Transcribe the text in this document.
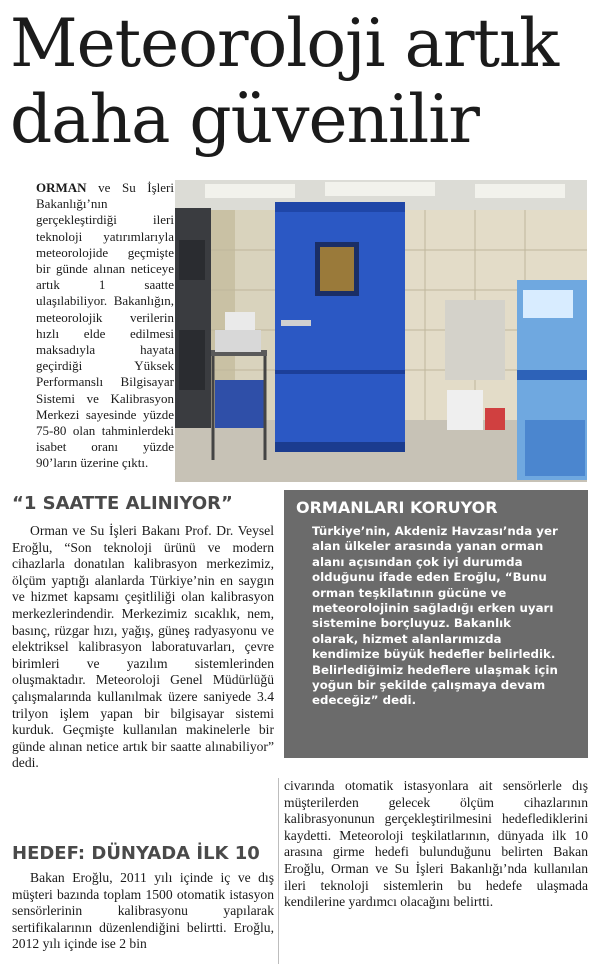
Meteoroloji artık daha güvenilir
ORMAN ve Su İşleri Bakanlığı’nın gerçekleştirdiği ileri teknoloji yatırımlarıyla meteorolojide geçmişte bir günde alınan neticeye artık 1 saatte ulaşılabiliyor. Bakanlığın, meteorolojik verilerin hızlı elde edilmesi maksadıyla hayata geçirdiği Yüksek Performanslı Bilgisayar Sistemi ve Kalibrasyon Merkezi sayesinde yüzde 75-80 olan tahminlerdeki isabet oranı yüzde 90’ların üzerine çıktı.
“1 SAATTE ALINIYOR”
Orman ve Su İşleri Bakanı Prof. Dr. Veysel Eroğlu, “Son teknoloji ürünü ve modern cihazlarla donatılan kalibrasyon merkezimiz, ölçüm yaptığı alanlarda Türkiye’nin en saygın ve hizmet kapsamı çeşitliliği olan kalibrasyon merkezlerindendir. Merkezimiz sıcaklık, nem, basınç, rüzgar hızı, yağış, güneş radyasyonu ve elektriksel kalibrasyon laboratuvarları, çevre birimleri ve yazılım sistemlerinden oluşmaktadır. Meteoroloji Genel Müdürlüğü çalışmalarında kullanılmak üzere saniyede 3.4 trilyon işlem yapan bir bilgisayar sistemi kurduk. Geçmişte kullanılan makinelerle bir günde alınan netice artık bir saatte alınabiliyor” dedi.
HEDEF: DÜNYADA İLK 10
Bakan Eroğlu, 2011 yılı içinde iç ve dış müşteri bazında toplam 1500 otomatik istasyon sensörlerinin kalibrasyonu yapılarak sertifikalarının düzenlendiğini belirtti. Eroğlu, 2012 yılı içinde ise 2 bin
ORMANLARI KORUYOR
Türkiye’nin, Akdeniz Havzası’nda yer alan ülkeler arasında yanan orman alanı açısından çok iyi durumda olduğunu ifade eden Eroğlu, “Bunu orman teşkilatının gücüne ve meteorolojinin sağladığı erken uyarı sistemine borçluyuz. Bakanlık olarak, hizmet alanlarımızda kendimize büyük hedefler belirledik. Belirlediğimiz hedeflere ulaşmak için yoğun bir şekilde çalışmaya devam edeceğiz” dedi.
civarında otomatik istasyonlara ait sensörlerle dış müşterilerden gelecek ölçüm cihazlarının kalibrasyonunun gerçekleştirilmesini hedeflediklerini kaydetti. Meteoroloji teşkilatlarının, dünyada ilk 10 arasına girme hedefi bulunduğunu belirten Bakan Eroğlu, Orman ve Su İşleri Bakanlığı’nda kullanılan ileri teknoloji sistemlerin bu hedefe ulaşmada kendilerine yardımcı olacağını belirtti.
